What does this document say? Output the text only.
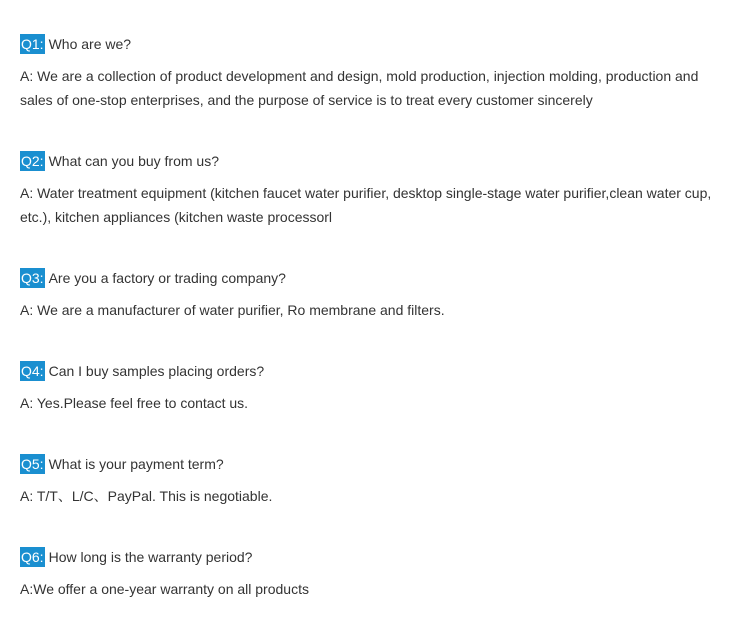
Q1: Who are we?
A: We are a collection of product development and design, mold production, injection molding, production and sales of one-stop enterprises, and the purpose of service is to treat every customer sincerely
Q2: What can you buy from us?
A: Water treatment equipment (kitchen faucet water purifier, desktop single-stage water purifier,clean water cup, etc.), kitchen appliances (kitchen waste processorl
Q3: Are you a factory or trading company?
A: We are a manufacturer of water purifier, Ro membrane and filters.
Q4: Can I buy samples placing orders?
A: Yes.Please feel free to contact us.
Q5: What is your payment term?
A: T/T、L/C、PayPal. This is negotiable.
Q6: How long is the warranty period?
A:We offer a one-year warranty on all products
